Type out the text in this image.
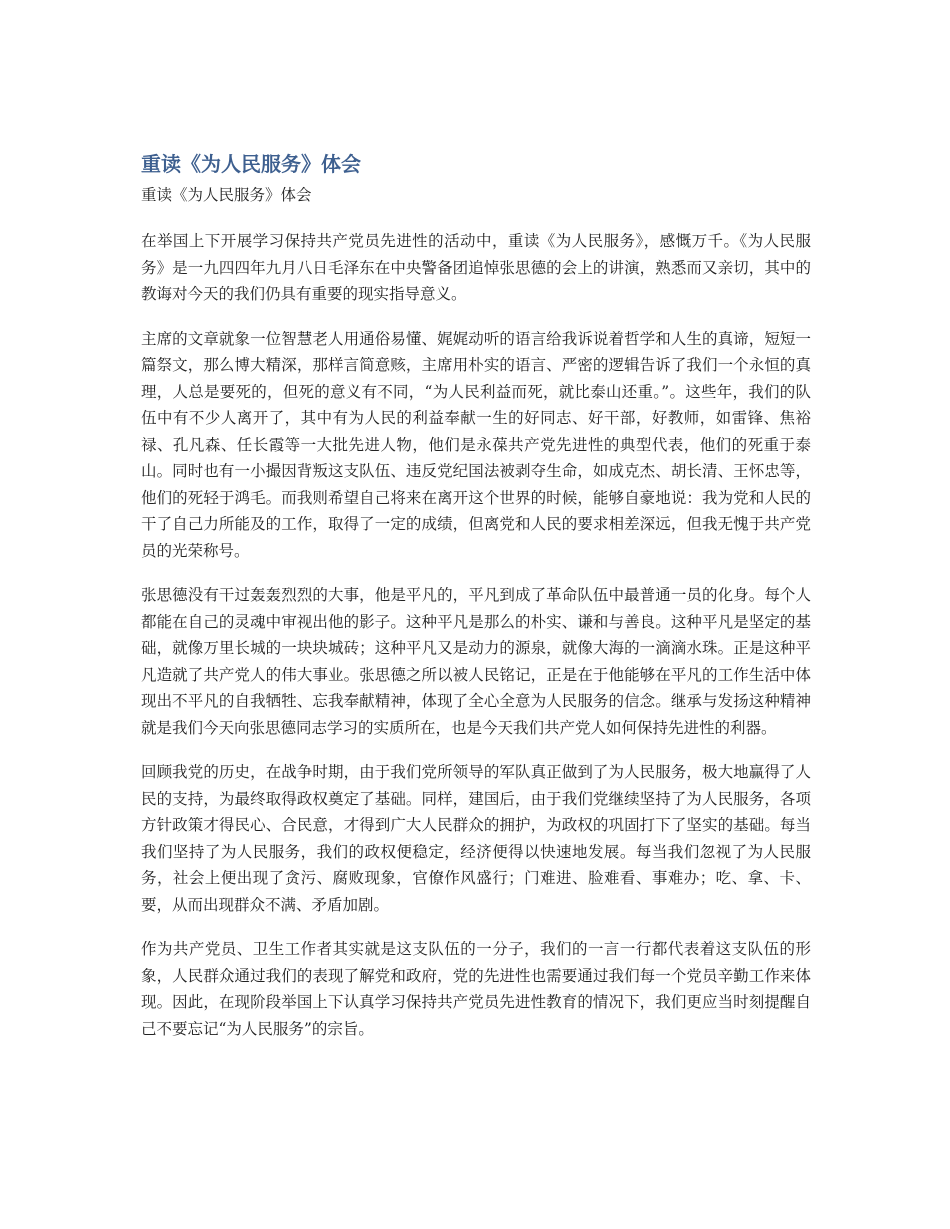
重读《为人民服务》体会
重读《为人民服务》体会

在举国上下开展学习保持共产党员先进性的活动中，重读《为人民服务》，感慨万千。《为人民服务》是一九四四年九月八日毛泽东在中央警备团追悼张思德的会上的讲演，熟悉而又亲切，其中的教诲对今天的我们仍具有重要的现实指导意义。

主席的文章就象一位智慧老人用通俗易懂、娓娓动听的语言给我诉说着哲学和人生的真谛，短短一篇祭文，那么博大精深，那样言简意赅，主席用朴实的语言、严密的逻辑告诉了我们一个永恒的真理，人总是要死的，但死的意义有不同，“为人民利益而死，就比泰山还重。”。这些年，我们的队伍中有不少人离开了，其中有为人民的利益奉献一生的好同志、好干部，好教师，如雷锋、焦裕禄、孔凡森、任长霞等一大批先进人物，他们是永葆共产党先进性的典型代表，他们的死重于泰山。同时也有一小撮因背叛这支队伍、违反党纪国法被剥夺生命，如成克杰、胡长清、王怀忠等，他们的死轻于鸿毛。而我则希望自己将来在离开这个世界的时候，能够自豪地说：我为党和人民的干了自己力所能及的工作，取得了一定的成绩，但离党和人民的要求相差深远，但我无愧于共产党员的光荣称号。

张思德没有干过轰轰烈烈的大事，他是平凡的，平凡到成了革命队伍中最普通一员的化身。每个人都能在自己的灵魂中审视出他的影子。这种平凡是那么的朴实、谦和与善良。这种平凡是坚定的基础，就像万里长城的一块块城砖；这种平凡又是动力的源泉，就像大海的一滴滴水珠。正是这种平凡造就了共产党人的伟大事业。张思德之所以被人民铭记，正是在于他能够在平凡的工作生活中体现出不平凡的自我牺牲、忘我奉献精神，体现了全心全意为人民服务的信念。继承与发扬这种精神就是我们今天向张思德同志学习的实质所在，也是今天我们共产党人如何保持先进性的利器。

回顾我党的历史，在战争时期，由于我们党所领导的军队真正做到了为人民服务，极大地赢得了人民的支持，为最终取得政权奠定了基础。同样，建国后，由于我们党继续坚持了为人民服务，各项方针政策才得民心、合民意，才得到广大人民群众的拥护，为政权的巩固打下了坚实的基础。每当我们坚持了为人民服务，我们的政权便稳定，经济便得以快速地发展。每当我们忽视了为人民服务，社会上便出现了贪污、腐败现象，官僚作风盛行；门难进、脸难看、事难办；吃、拿、卡、要，从而出现群众不满、矛盾加剧。

作为共产党员、卫生工作者其实就是这支队伍的一分子，我们的一言一行都代表着这支队伍的形象，人民群众通过我们的表现了解党和政府，党的先进性也需要通过我们每一个党员辛勤工作来体现。因此，在现阶段举国上下认真学习保持共产党员先进性教育的情况下，我们更应当时刻提醒自己不要忘记“为人民服务”的宗旨。
